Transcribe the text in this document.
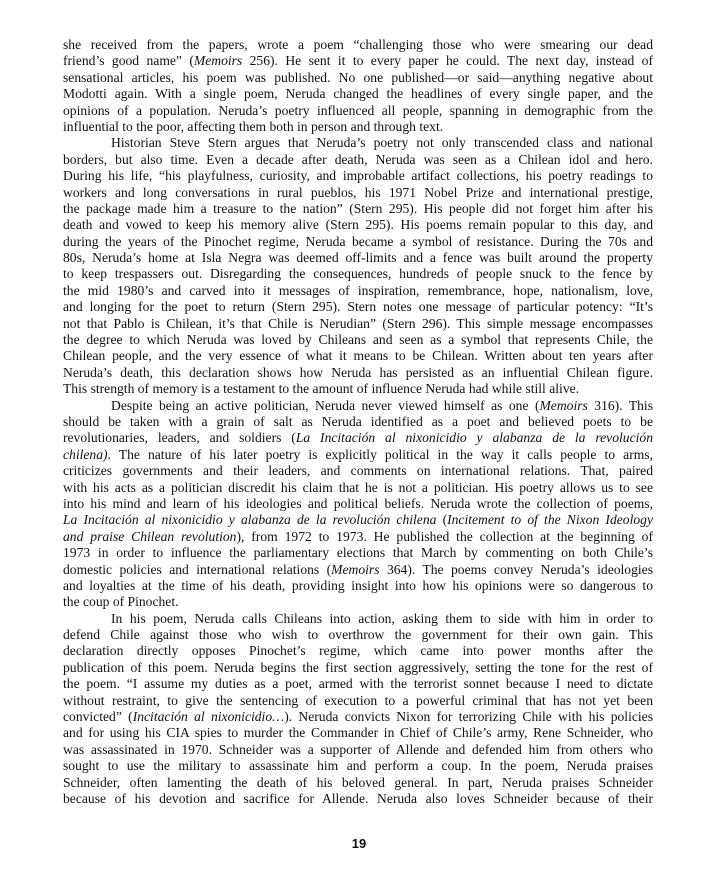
she received from the papers, wrote a poem “challenging those who were smearing our dead
friend’s good name” (Memoirs 256). He sent it to every paper he could. The next day, instead of
sensational articles, his poem was published. No one published—or said—anything negative about
Modotti again. With a single poem, Neruda changed the headlines of every single paper, and the
opinions of a population. Neruda’s poetry influenced all people, spanning in demographic from the
influential to the poor, affecting them both in person and through text.
Historian Steve Stern argues that Neruda’s poetry not only transcended class and national
borders, but also time. Even a decade after death, Neruda was seen as a Chilean idol and hero.
During his life, “his playfulness, curiosity, and improbable artifact collections, his poetry readings to
workers and long conversations in rural pueblos, his 1971 Nobel Prize and international prestige,
the package made him a treasure to the nation” (Stern 295). His people did not forget him after his
death and vowed to keep his memory alive (Stern 295). His poems remain popular to this day, and
during the years of the Pinochet regime, Neruda became a symbol of resistance. During the 70s and
80s, Neruda’s home at Isla Negra was deemed off-limits and a fence was built around the property
to keep trespassers out. Disregarding the consequences, hundreds of people snuck to the fence by
the mid 1980’s and carved into it messages of inspiration, remembrance, hope, nationalism, love,
and longing for the poet to return (Stern 295). Stern notes one message of particular potency: “It’s
not that Pablo is Chilean, it’s that Chile is Nerudian” (Stern 296). This simple message encompasses
the degree to which Neruda was loved by Chileans and seen as a symbol that represents Chile, the
Chilean people, and the very essence of what it means to be Chilean. Written about ten years after
Neruda’s death, this declaration shows how Neruda has persisted as an influential Chilean figure.
This strength of memory is a testament to the amount of influence Neruda had while still alive.
Despite being an active politician, Neruda never viewed himself as one (Memoirs 316). This
should be taken with a grain of salt as Neruda identified as a poet and believed poets to be
revolutionaries, leaders, and soldiers (La Incitación al nixonicidio y alabanza de la revolución
chilena). The nature of his later poetry is explicitly political in the way it calls people to arms,
criticizes governments and their leaders, and comments on international relations. That, paired
with his acts as a politician discredit his claim that he is not a politician. His poetry allows us to see
into his mind and learn of his ideologies and political beliefs. Neruda wrote the collection of poems,
La Incitación al nixonicidio y alabanza de la revolución chilena (Incitement to of the Nixon Ideology
and praise Chilean revolution), from 1972 to 1973. He published the collection at the beginning of
1973 in order to influence the parliamentary elections that March by commenting on both Chile’s
domestic policies and international relations (Memoirs 364). The poems convey Neruda’s ideologies
and loyalties at the time of his death, providing insight into how his opinions were so dangerous to
the coup of Pinochet.
In his poem, Neruda calls Chileans into action, asking them to side with him in order to
defend Chile against those who wish to overthrow the government for their own gain. This
declaration directly opposes Pinochet’s regime, which came into power months after the
publication of this poem. Neruda begins the first section aggressively, setting the tone for the rest of
the poem. “I assume my duties as a poet, armed with the terrorist sonnet because I need to dictate
without restraint, to give the sentencing of execution to a powerful criminal that has not yet been
convicted” (Incitación al nixonicidio…). Neruda convicts Nixon for terrorizing Chile with his policies
and for using his CIA spies to murder the Commander in Chief of Chile’s army, Rene Schneider, who
was assassinated in 1970. Schneider was a supporter of Allende and defended him from others who
sought to use the military to assassinate him and perform a coup. In the poem, Neruda praises
Schneider, often lamenting the death of his beloved general. In part, Neruda praises Schneider
because of his devotion and sacrifice for Allende. Neruda also loves Schneider because of their
19
